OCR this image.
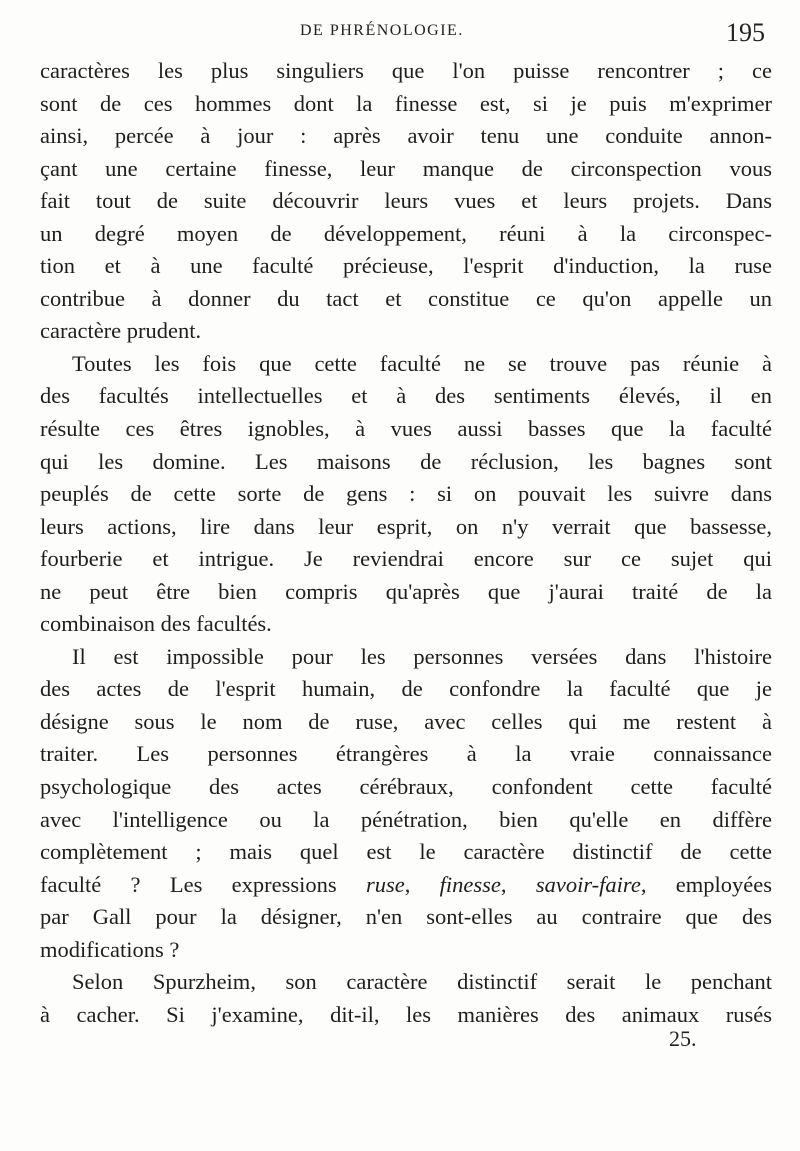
DE PHRÉNOLOGIE.	195
caractères les plus singuliers que l'on puisse rencontrer ; ce
sont de ces hommes dont la finesse est, si je puis m'exprimer
ainsi, percée à jour : après avoir tenu une conduite annon-
çant une certaine finesse, leur manque de circonspection vous
fait tout de suite découvrir leurs vues et leurs projets. Dans
un degré moyen de développement, réuni à la circonspec-
tion et à une faculté précieuse, l'esprit d'induction, la ruse
contribue à donner du tact et constitue ce qu'on appelle un
caractère prudent.
Toutes les fois que cette faculté ne se trouve pas réunie à
des facultés intellectuelles et à des sentiments élevés, il en
résulte ces êtres ignobles, à vues aussi basses que la faculté
qui les domine. Les maisons de réclusion, les bagnes sont
peuplés de cette sorte de gens : si on pouvait les suivre dans
leurs actions, lire dans leur esprit, on n'y verrait que bassesse,
fourberie et intrigue. Je reviendrai encore sur ce sujet qui
ne peut être bien compris qu'après que j'aurai traité de la
combinaison des facultés.
Il est impossible pour les personnes versées dans l'histoire
des actes de l'esprit humain, de confondre la faculté que je
désigne sous le nom de ruse, avec celles qui me restent à
traiter. Les personnes étrangères à la vraie connaissance
psychologique des actes cérébraux, confondent cette faculté
avec l'intelligence ou la pénétration, bien qu'elle en diffère
complètement ; mais quel est le caractère distinctif de cette
faculté ? Les expressions ruse, finesse, savoir-faire, employées
par Gall pour la désigner, n'en sont-elles au contraire que des
modifications ?
Selon Spurzheim, son caractère distinctif serait le penchant
à cacher. Si j'examine, dit-il, les manières des animaux rusés
25.
